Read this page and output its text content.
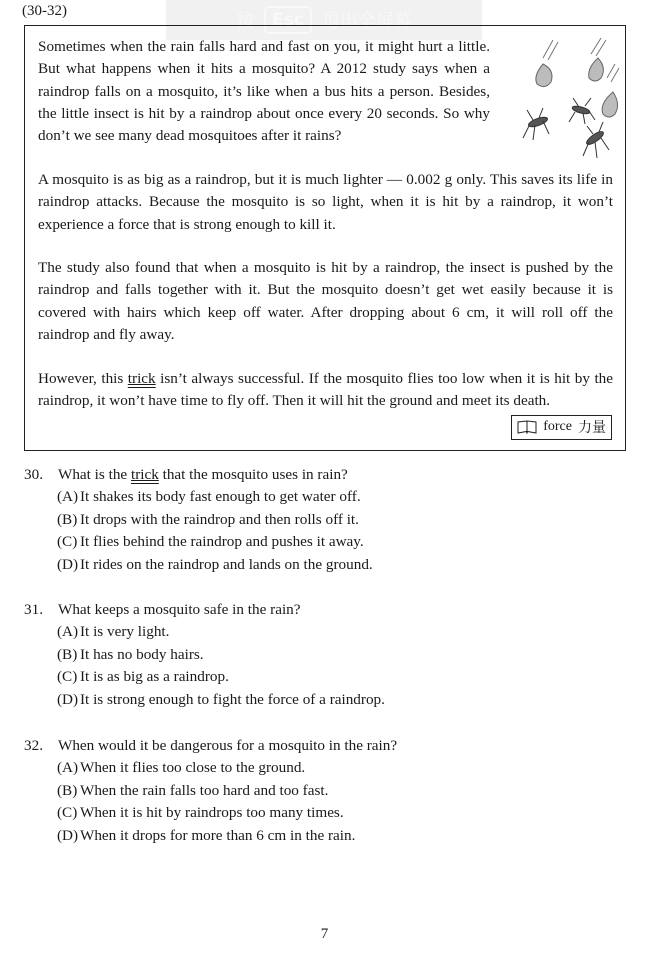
(30-32)	按	Esc	退出全屏幕
Sometimes when the rain falls hard and fast on you, it might hurt a little. But what happens when it hits a mosquito? A 2012 study says when a raindrop falls on a mosquito, it’s like when a bus hits a person. Besides, the little insect is hit by a raindrop about once every 20 seconds. So why don’t we see many dead mosquitoes after it rains?
A mosquito is as big as a raindrop, but it is much lighter — 0.002 g only. This saves its life in raindrop attacks. Because the mosquito is so light, when it is hit by a raindrop, it won’t experience a force that is strong enough to kill it.
The study also found that when a mosquito is hit by a raindrop, the insect is pushed by the raindrop and falls together with it. But the mosquito doesn’t get wet easily because it is covered with hairs which keep off water. After dropping about 6 cm, it will roll off the raindrop and fly away.
However, this trick isn’t always successful. If the mosquito flies too low when it is hit by the raindrop, it won’t have time to fly off. Then it will hit the ground and meet its death.
force 力量
30. What is the trick that the mosquito uses in rain?
(A) It shakes its body fast enough to get water off.
(B) It drops with the raindrop and then rolls off it.
(C) It flies behind the raindrop and pushes it away.
(D) It rides on the raindrop and lands on the ground.
31. What keeps a mosquito safe in the rain?
(A) It is very light.
(B) It has no body hairs.
(C) It is as big as a raindrop.
(D) It is strong enough to fight the force of a raindrop.
32. When would it be dangerous for a mosquito in the rain?
(A) When it flies too close to the ground.
(B) When the rain falls too hard and too fast.
(C) When it is hit by raindrops too many times.
(D) When it drops for more than 6 cm in the rain.
7
